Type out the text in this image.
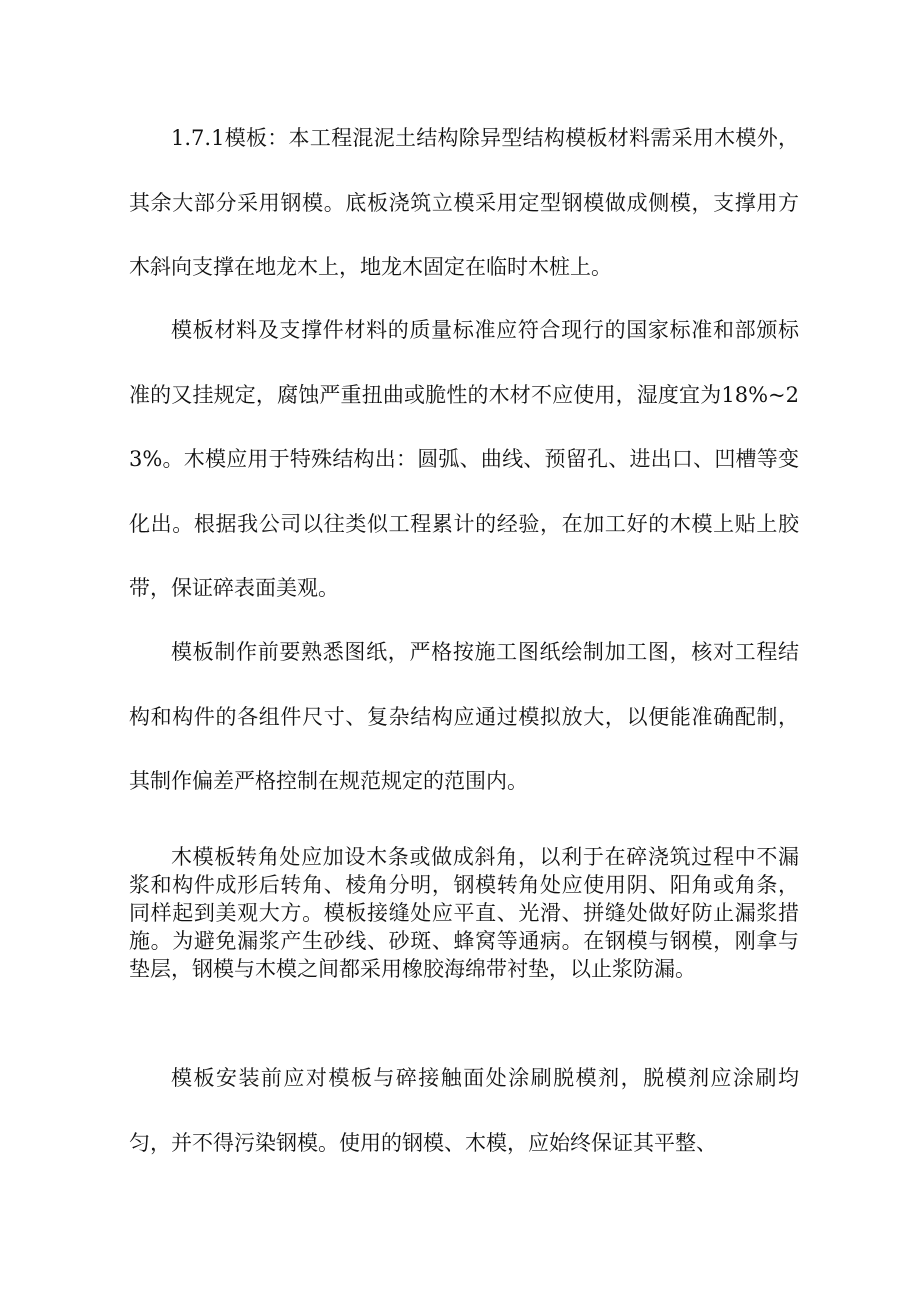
1.7.1模板：本工程混泥土结构除异型结构模板材料需采用木模外，其余大部分采用钢模。底板浇筑立模采用定型钢模做成侧模，支撑用方木斜向支撑在地龙木上，地龙木固定在临时木桩上。

模板材料及支撑件材料的质量标准应符合现行的国家标准和部颁标准的又挂规定，腐蚀严重扭曲或脆性的木材不应使用，湿度宜为18%~23%。木模应用于特殊结构出：圆弧、曲线、预留孔、进出口、凹槽等变化出。根据我公司以往类似工程累计的经验，在加工好的木模上贴上胶带，保证碎表面美观。

模板制作前要熟悉图纸，严格按施工图纸绘制加工图，核对工程结构和构件的各组件尺寸、复杂结构应通过模拟放大，以便能准确配制，其制作偏差严格控制在规范规定的范围内。

木模板转角处应加设木条或做成斜角，以利于在碎浇筑过程中不漏浆和构件成形后转角、棱角分明，钢模转角处应使用阴、阳角或角条，同样起到美观大方。模板接缝处应平直、光滑、拼缝处做好防止漏浆措施。为避免漏浆产生砂线、砂斑、蜂窝等通病。在钢模与钢模，刚拿与垫层，钢模与木模之间都采用橡胶海绵带衬垫，以止浆防漏。

模板安装前应对模板与碎接触面处涂刷脱模剂，脱模剂应涂刷均匀，并不得污染钢模。使用的钢模、木模，应始终保证其平整、
